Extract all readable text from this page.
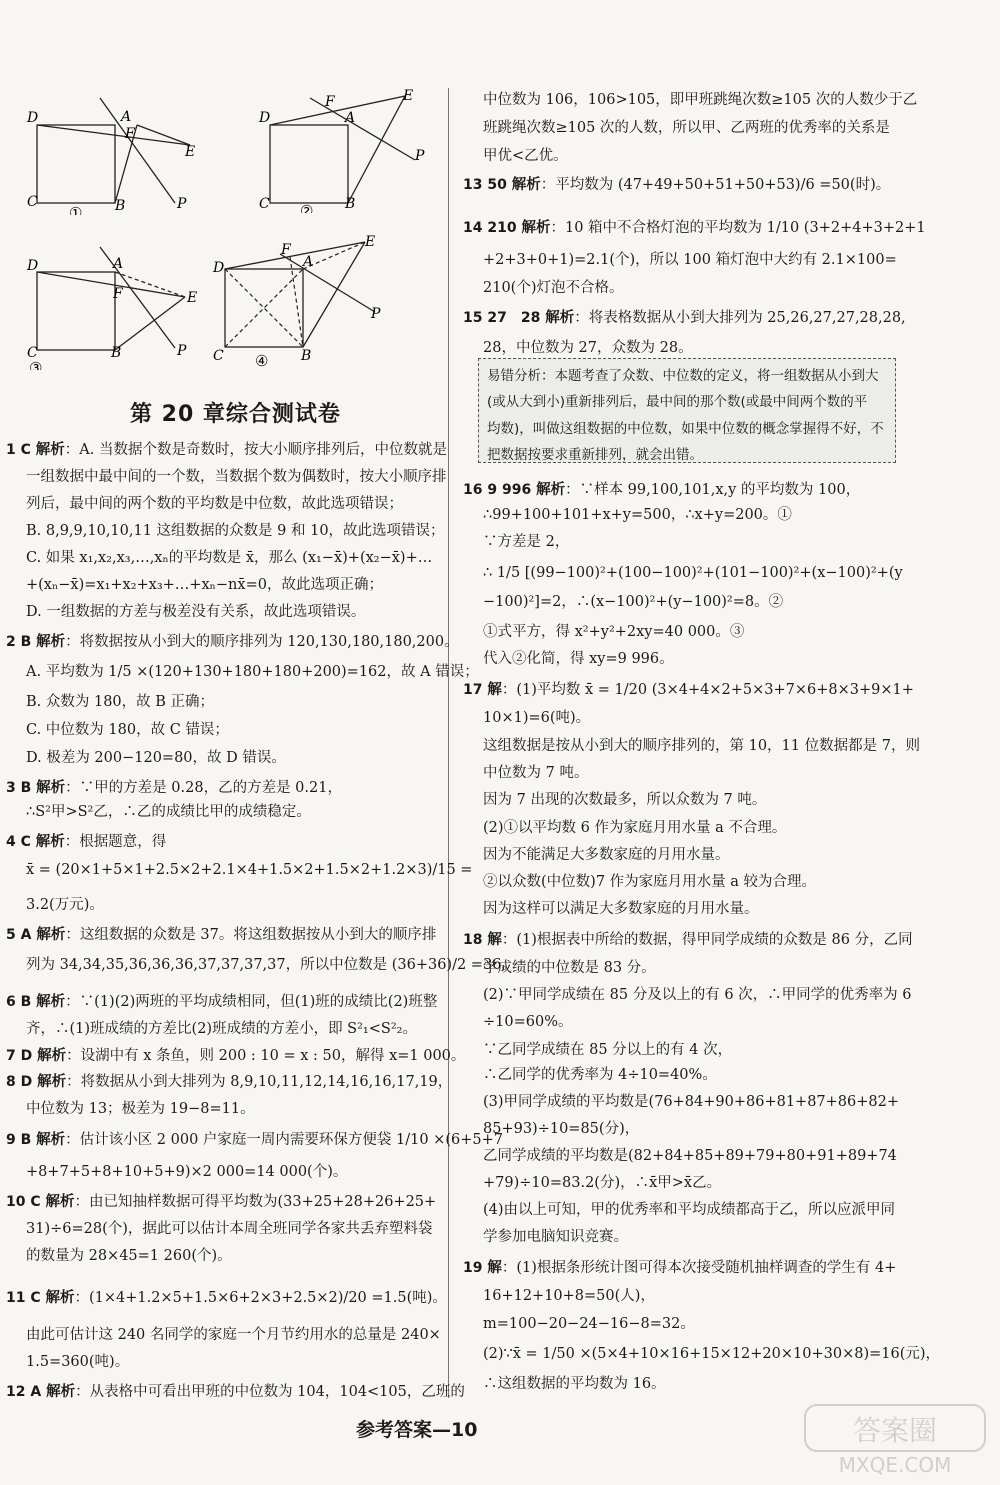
D	A
F
E
C	B	P
①
D
F
A
E
C	B
P
②
D	A
F	E
C	B	P
③
D
F
A
E
C	B
P
④
第 20 章综合测试卷
1 C 解析：A. 当数据个数是奇数时，按大小顺序排列后，中位数就是
一组数据中最中间的一个数，当数据个数为偶数时，按大小顺序排
列后，最中间的两个数的平均数是中位数，故此选项错误；
B. 8,9,9,10,10,11 这组数据的众数是 9 和 10，故此选项错误；
C. 如果 x₁,x₂,x₃,…,xₙ的平均数是 x̄，那么 (x₁−x̄)+(x₂−x̄)+…
+(xₙ−x̄)=x₁+x₂+x₃+…+xₙ−nx̄=0，故此选项正确；
D. 一组数据的方差与极差没有关系，故此选项错误。
2 B 解析：将数据按从小到大的顺序排列为 120,130,180,180,200。
A. 平均数为 1/5 ×(120+130+180+180+200)=162，故 A 错误；
B. 众数为 180，故 B 正确；
C. 中位数为 180，故 C 错误；
D. 极差为 200−120=80，故 D 错误。
3 B 解析：∵甲的方差是 0.28，乙的方差是 0.21，
∴S²甲>S²乙，∴乙的成绩比甲的成绩稳定。
4 C 解析：根据题意，得
x̄ = (20×1+5×1+2.5×2+2.1×4+1.5×2+1.5×2+1.2×3)/15 =
3.2(万元)。
5 A 解析：这组数据的众数是 37。将这组数据按从小到大的顺序排
列为 34,34,35,36,36,36,37,37,37,37，所以中位数是 (36+36)/2 =36。
6 B 解析：∵(1)(2)两班的平均成绩相同，但(1)班的成绩比(2)班整
齐，∴(1)班成绩的方差比(2)班成绩的方差小，即 S²₁<S²₂。
7 D 解析：设湖中有 x 条鱼，则 200 : 10 = x : 50，解得 x=1 000。
8 D 解析：将数据从小到大排列为 8,9,10,11,12,14,16,16,17,19，
中位数为 13；极差为 19−8=11。
9 B 解析：估计该小区 2 000 户家庭一周内需要环保方便袋 1/10 ×(6+5+7
+8+7+5+8+10+5+9)×2 000=14 000(个)。
10 C 解析：由已知抽样数据可得平均数为(33+25+28+26+25+
31)÷6=28(个)，据此可以估计本周全班同学各家共丢弃塑料袋
的数量为 28×45=1 260(个)。
11 C 解析：(1×4+1.2×5+1.5×6+2×3+2.5×2)/20 =1.5(吨)。
由此可估计这 240 名同学的家庭一个月节约用水的总量是 240×
1.5=360(吨)。
12 A 解析：从表格中可看出甲班的中位数为 104，104<105，乙班的
中位数为 106，106>105，即甲班跳绳次数≥105 次的人数少于乙
班跳绳次数≥105 次的人数，所以甲、乙两班的优秀率的关系是
甲优<乙优。
13 50 解析：平均数为 (47+49+50+51+50+53)/6 =50(时)。
14 210 解析：10 箱中不合格灯泡的平均数为 1/10 (3+2+4+3+2+1
+2+3+0+1)=2.1(个)，所以 100 箱灯泡中大约有 2.1×100=
210(个)灯泡不合格。
15 27　28 解析：将表格数据从小到大排列为 25,26,27,27,28,28,
28，中位数为 27，众数为 28。
易错分析：本题考查了众数、中位数的定义，将一组数据从小到大
(或从大到小)重新排列后，最中间的那个数(或最中间两个数的平
均数)，叫做这组数据的中位数，如果中位数的概念掌握得不好，不
把数据按要求重新排列，就会出错。
16 9 996 解析：∵样本 99,100,101,x,y 的平均数为 100，
∴99+100+101+x+y=500，∴x+y=200。①
∵方差是 2，
∴ 1/5 [(99−100)²+(100−100)²+(101−100)²+(x−100)²+(y
−100)²]=2，∴(x−100)²+(y−100)²=8。②
①式平方，得 x²+y²+2xy=40 000。③
代入②化简，得 xy=9 996。
17 解：(1)平均数 x̄ = 1/20 (3×4+4×2+5×3+7×6+8×3+9×1+
10×1)=6(吨)。
这组数据是按从小到大的顺序排列的，第 10，11 位数据都是 7，则
中位数为 7 吨。
因为 7 出现的次数最多，所以众数为 7 吨。
(2)①以平均数 6 作为家庭月用水量 a 不合理。
因为不能满足大多数家庭的月用水量。
②以众数(中位数)7 作为家庭月用水量 a 较为合理。
因为这样可以满足大多数家庭的月用水量。
18 解：(1)根据表中所给的数据，得甲同学成绩的众数是 86 分，乙同
学成绩的中位数是 83 分。
(2)∵甲同学成绩在 85 分及以上的有 6 次，∴甲同学的优秀率为 6
÷10=60%。
∵乙同学成绩在 85 分以上的有 4 次，
∴乙同学的优秀率为 4÷10=40%。
(3)甲同学成绩的平均数是(76+84+90+86+81+87+86+82+
85+93)÷10=85(分)，
乙同学成绩的平均数是(82+84+85+89+79+80+91+89+74
+79)÷10=83.2(分)，∴x̄甲>x̄乙。
(4)由以上可知，甲的优秀率和平均成绩都高于乙，所以应派甲同
学参加电脑知识竞赛。
19 解：(1)根据条形统计图可得本次接受随机抽样调查的学生有 4+
16+12+10+8=50(人)，
m=100−20−24−16−8=32。
(2)∵x̄ = 1/50 ×(5×4+10×16+15×12+20×10+30×8)=16(元)，
∴这组数据的平均数为 16。
参考答案—10	答案圈
MXQE.COM
